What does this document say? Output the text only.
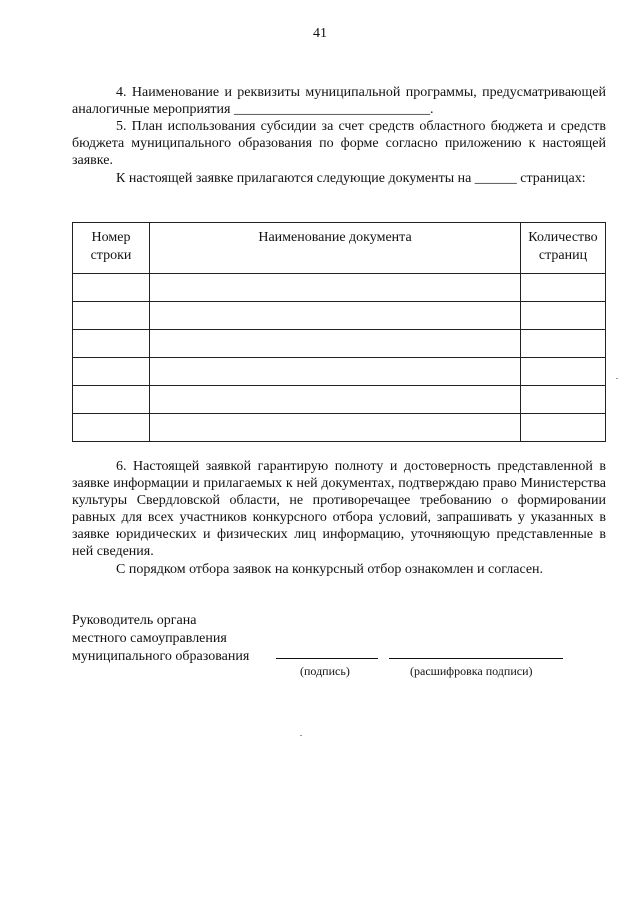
41
4. Наименование и реквизиты муниципальной программы, предусматривающей аналогичные мероприятия ____________________________.
5. План использования субсидии за счет средств областного бюджета и средств бюджета муниципального образования по форме согласно приложению к настоящей заявке.
К настоящей заявке прилагаются следующие документы на ______ страницах:
Номер строки	Наименование документа	Количество страниц

6. Настоящей заявкой гарантирую полноту и достоверность представленной в заявке информации и прилагаемых к ней документах, подтверждаю право Министерства культуры Свердловской области, не противоречащее требованию о формировании равных для всех участников конкурсного отбора условий, запрашивать у указанных в заявке юридических и физических лиц информацию, уточняющую представленные в ней сведения.
С порядком отбора заявок на конкурсный отбор ознакомлен и согласен.
Руководитель органа
местного самоуправления
муниципального образования
(подпись)	(расшифровка подписи)
